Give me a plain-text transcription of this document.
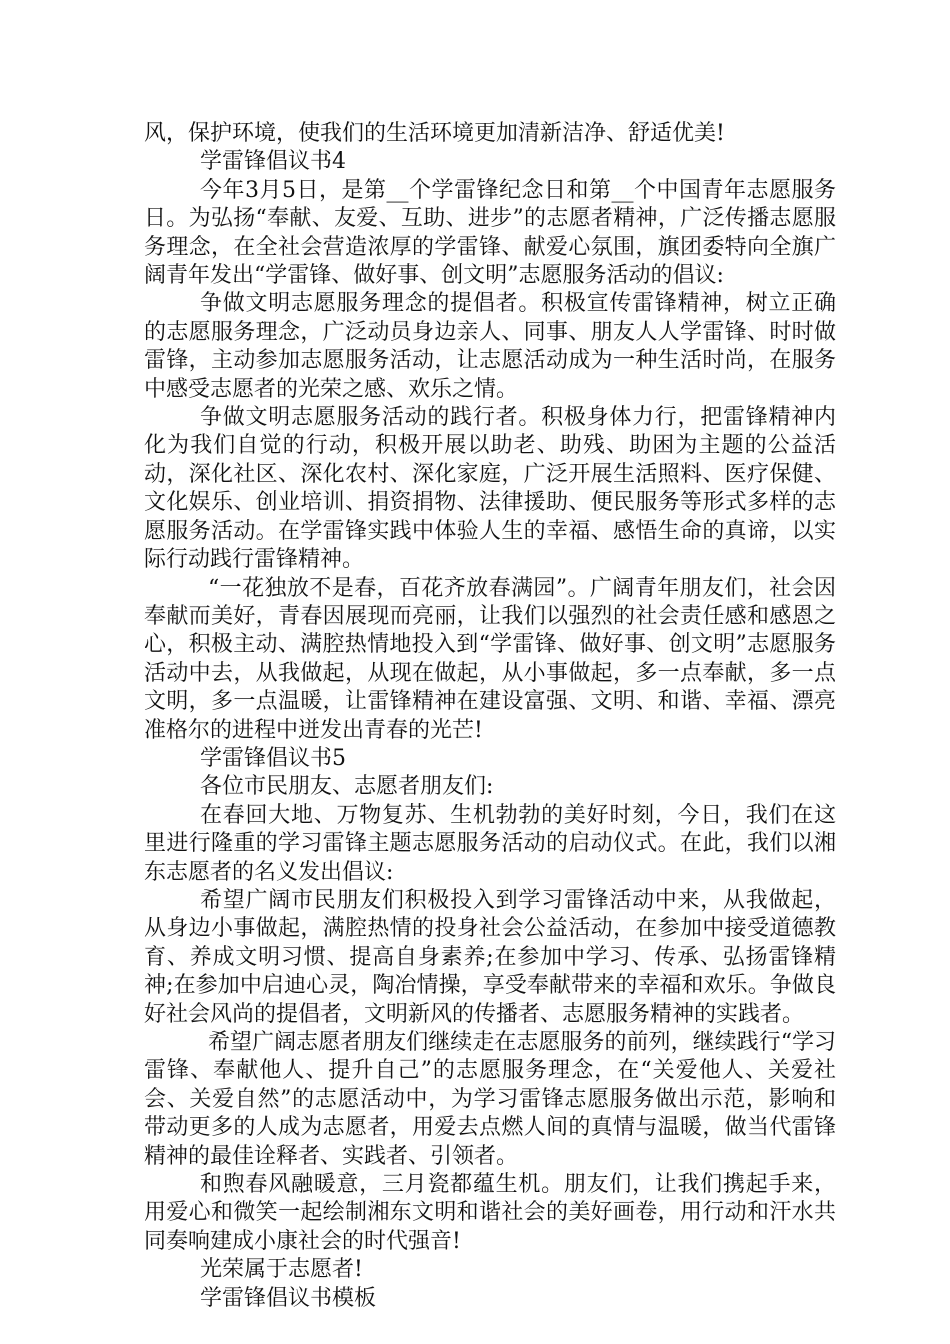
风，保护环境，使我们的生活环境更加清新洁净、舒适优美!

学雷锋倡议书4

今年3月5日，是第__个学雷锋纪念日和第__个中国青年志愿服务日。为弘扬“奉献、友爱、互助、进步”的志愿者精神，广泛传播志愿服务理念，在全社会营造浓厚的学雷锋、献爱心氛围，旗团委特向全旗广阔青年发出“学雷锋、做好事、创文明”志愿服务活动的倡议:

争做文明志愿服务理念的提倡者。积极宣传雷锋精神，树立正确的志愿服务理念，广泛动员身边亲人、同事、朋友人人学雷锋、时时做雷锋，主动参加志愿服务活动，让志愿活动成为一种生活时尚，在服务中感受志愿者的光荣之感、欢乐之情。

争做文明志愿服务活动的践行者。积极身体力行，把雷锋精神内化为我们自觉的行动，积极开展以助老、助残、助困为主题的公益活动，深化社区、深化农村、深化家庭，广泛开展生活照料、医疗保健、文化娱乐、创业培训、捐资捐物、法律援助、便民服务等形式多样的志愿服务活动。在学雷锋实践中体验人生的幸福、感悟生命的真谛，以实际行动践行雷锋精神。

“一花独放不是春，百花齐放春满园”。广阔青年朋友们，社会因奉献而美好，青春因展现而亮丽，让我们以强烈的社会责任感和感恩之心，积极主动、满腔热情地投入到“学雷锋、做好事、创文明”志愿服务活动中去，从我做起，从现在做起，从小事做起，多一点奉献，多一点文明，多一点温暖，让雷锋精神在建设富强、文明、和谐、幸福、漂亮准格尔的进程中迸发出青春的光芒!

学雷锋倡议书5

各位市民朋友、志愿者朋友们:

在春回大地、万物复苏、生机勃勃的美好时刻，今日，我们在这里进行隆重的学习雷锋主题志愿服务活动的启动仪式。在此，我们以湘东志愿者的名义发出倡议:

希望广阔市民朋友们积极投入到学习雷锋活动中来，从我做起，从身边小事做起，满腔热情的投身社会公益活动，在参加中接受道德教育、养成文明习惯、提高自身素养;在参加中学习、传承、弘扬雷锋精神;在参加中启迪心灵，陶冶情操，享受奉献带来的幸福和欢乐。争做良好社会风尚的提倡者，文明新风的传播者、志愿服务精神的实践者。

希望广阔志愿者朋友们继续走在志愿服务的前列，继续践行“学习雷锋、奉献他人、提升自己”的志愿服务理念，在“关爱他人、关爱社会、关爱自然”的志愿活动中，为学习雷锋志愿服务做出示范，影响和带动更多的人成为志愿者，用爱去点燃人间的真情与温暖，做当代雷锋精神的最佳诠释者、实践者、引领者。

和煦春风融暖意，三月瓷都蕴生机。朋友们，让我们携起手来，用爱心和微笑一起绘制湘东文明和谐社会的美好画卷，用行动和汗水共同奏响建成小康社会的时代强音!

光荣属于志愿者!

学雷锋倡议书模板
